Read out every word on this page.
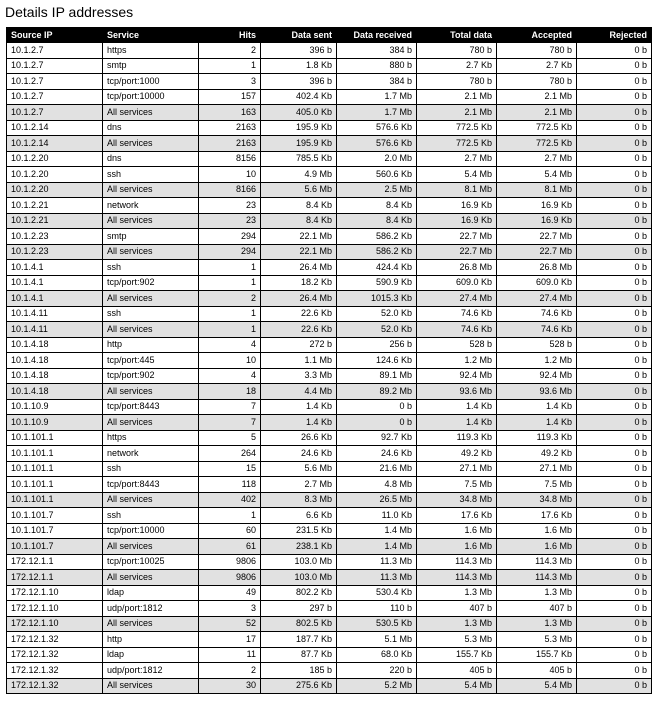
Details IP addresses
Source IP	Service	Hits	Data sent	Data received	Total data	Accepted	Rejected
10.1.2.7	https	2	396 b	384 b	780 b	780 b	0 b
10.1.2.7	smtp	1	1.8 Kb	880 b	2.7 Kb	2.7 Kb	0 b
10.1.2.7	tcp/port:1000	3	396 b	384 b	780 b	780 b	0 b
10.1.2.7	tcp/port:10000	157	402.4 Kb	1.7 Mb	2.1 Mb	2.1 Mb	0 b
10.1.2.7	All services	163	405.0 Kb	1.7 Mb	2.1 Mb	2.1 Mb	0 b
10.1.2.14	dns	2163	195.9 Kb	576.6 Kb	772.5 Kb	772.5 Kb	0 b
10.1.2.14	All services	2163	195.9 Kb	576.6 Kb	772.5 Kb	772.5 Kb	0 b
10.1.2.20	dns	8156	785.5 Kb	2.0 Mb	2.7 Mb	2.7 Mb	0 b
10.1.2.20	ssh	10	4.9 Mb	560.6 Kb	5.4 Mb	5.4 Mb	0 b
10.1.2.20	All services	8166	5.6 Mb	2.5 Mb	8.1 Mb	8.1 Mb	0 b
10.1.2.21	network	23	8.4 Kb	8.4 Kb	16.9 Kb	16.9 Kb	0 b
10.1.2.21	All services	23	8.4 Kb	8.4 Kb	16.9 Kb	16.9 Kb	0 b
10.1.2.23	smtp	294	22.1 Mb	586.2 Kb	22.7 Mb	22.7 Mb	0 b
10.1.2.23	All services	294	22.1 Mb	586.2 Kb	22.7 Mb	22.7 Mb	0 b
10.1.4.1	ssh	1	26.4 Mb	424.4 Kb	26.8 Mb	26.8 Mb	0 b
10.1.4.1	tcp/port:902	1	18.2 Kb	590.9 Kb	609.0 Kb	609.0 Kb	0 b
10.1.4.1	All services	2	26.4 Mb	1015.3 Kb	27.4 Mb	27.4 Mb	0 b
10.1.4.11	ssh	1	22.6 Kb	52.0 Kb	74.6 Kb	74.6 Kb	0 b
10.1.4.11	All services	1	22.6 Kb	52.0 Kb	74.6 Kb	74.6 Kb	0 b
10.1.4.18	http	4	272 b	256 b	528 b	528 b	0 b
10.1.4.18	tcp/port:445	10	1.1 Mb	124.6 Kb	1.2 Mb	1.2 Mb	0 b
10.1.4.18	tcp/port:902	4	3.3 Mb	89.1 Mb	92.4 Mb	92.4 Mb	0 b
10.1.4.18	All services	18	4.4 Mb	89.2 Mb	93.6 Mb	93.6 Mb	0 b
10.1.10.9	tcp/port:8443	7	1.4 Kb	0 b	1.4 Kb	1.4 Kb	0 b
10.1.10.9	All services	7	1.4 Kb	0 b	1.4 Kb	1.4 Kb	0 b
10.1.101.1	https	5	26.6 Kb	92.7 Kb	119.3 Kb	119.3 Kb	0 b
10.1.101.1	network	264	24.6 Kb	24.6 Kb	49.2 Kb	49.2 Kb	0 b
10.1.101.1	ssh	15	5.6 Mb	21.6 Mb	27.1 Mb	27.1 Mb	0 b
10.1.101.1	tcp/port:8443	118	2.7 Mb	4.8 Mb	7.5 Mb	7.5 Mb	0 b
10.1.101.1	All services	402	8.3 Mb	26.5 Mb	34.8 Mb	34.8 Mb	0 b
10.1.101.7	ssh	1	6.6 Kb	11.0 Kb	17.6 Kb	17.6 Kb	0 b
10.1.101.7	tcp/port:10000	60	231.5 Kb	1.4 Mb	1.6 Mb	1.6 Mb	0 b
10.1.101.7	All services	61	238.1 Kb	1.4 Mb	1.6 Mb	1.6 Mb	0 b
172.12.1.1	tcp/port:10025	9806	103.0 Mb	11.3 Mb	114.3 Mb	114.3 Mb	0 b
172.12.1.1	All services	9806	103.0 Mb	11.3 Mb	114.3 Mb	114.3 Mb	0 b
172.12.1.10	ldap	49	802.2 Kb	530.4 Kb	1.3 Mb	1.3 Mb	0 b
172.12.1.10	udp/port:1812	3	297 b	110 b	407 b	407 b	0 b
172.12.1.10	All services	52	802.5 Kb	530.5 Kb	1.3 Mb	1.3 Mb	0 b
172.12.1.32	http	17	187.7 Kb	5.1 Mb	5.3 Mb	5.3 Mb	0 b
172.12.1.32	ldap	11	87.7 Kb	68.0 Kb	155.7 Kb	155.7 Kb	0 b
172.12.1.32	udp/port:1812	2	185 b	220 b	405 b	405 b	0 b
172.12.1.32	All services	30	275.6 Kb	5.2 Mb	5.4 Mb	5.4 Mb	0 b
